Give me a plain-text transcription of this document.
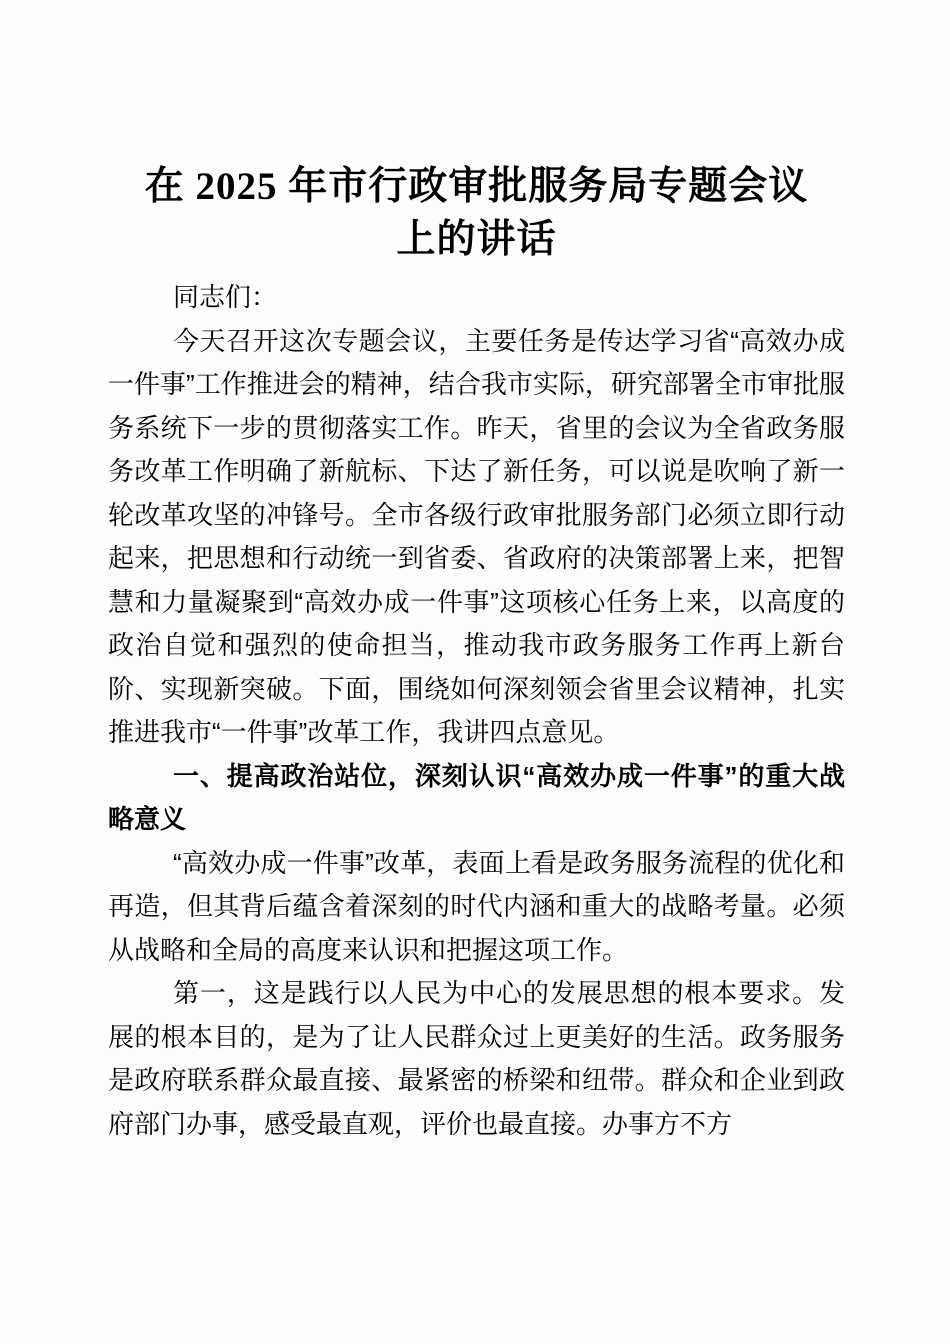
在 2025 年市行政审批服务局专题会议
上的讲话

同志们：

今天召开这次专题会议，主要任务是传达学习省“高效办成一件事”工作推进会的精神，结合我市实际，研究部署全市审批服务系统下一步的贯彻落实工作。昨天，省里的会议为全省政务服务改革工作明确了新航标、下达了新任务，可以说是吹响了新一轮改革攻坚的冲锋号。全市各级行政审批服务部门必须立即行动起来，把思想和行动统一到省委、省政府的决策部署上来，把智慧和力量凝聚到“高效办成一件事”这项核心任务上来，以高度的政治自觉和强烈的使命担当，推动我市政务服务工作再上新台阶、实现新突破。下面，围绕如何深刻领会省里会议精神，扎实推进我市“一件事”改革工作，我讲四点意见。

一、提高政治站位，深刻认识“高效办成一件事”的重大战略意义

“高效办成一件事”改革，表面上看是政务服务流程的优化和再造，但其背后蕴含着深刻的时代内涵和重大的战略考量。必须从战略和全局的高度来认识和把握这项工作。

第一，这是践行以人民为中心的发展思想的根本要求。发展的根本目的，是为了让人民群众过上更美好的生活。政务服务是政府联系群众最直接、最紧密的桥梁和纽带。群众和企业到政府部门办事，感受最直观，评价也最直接。办事方不方
